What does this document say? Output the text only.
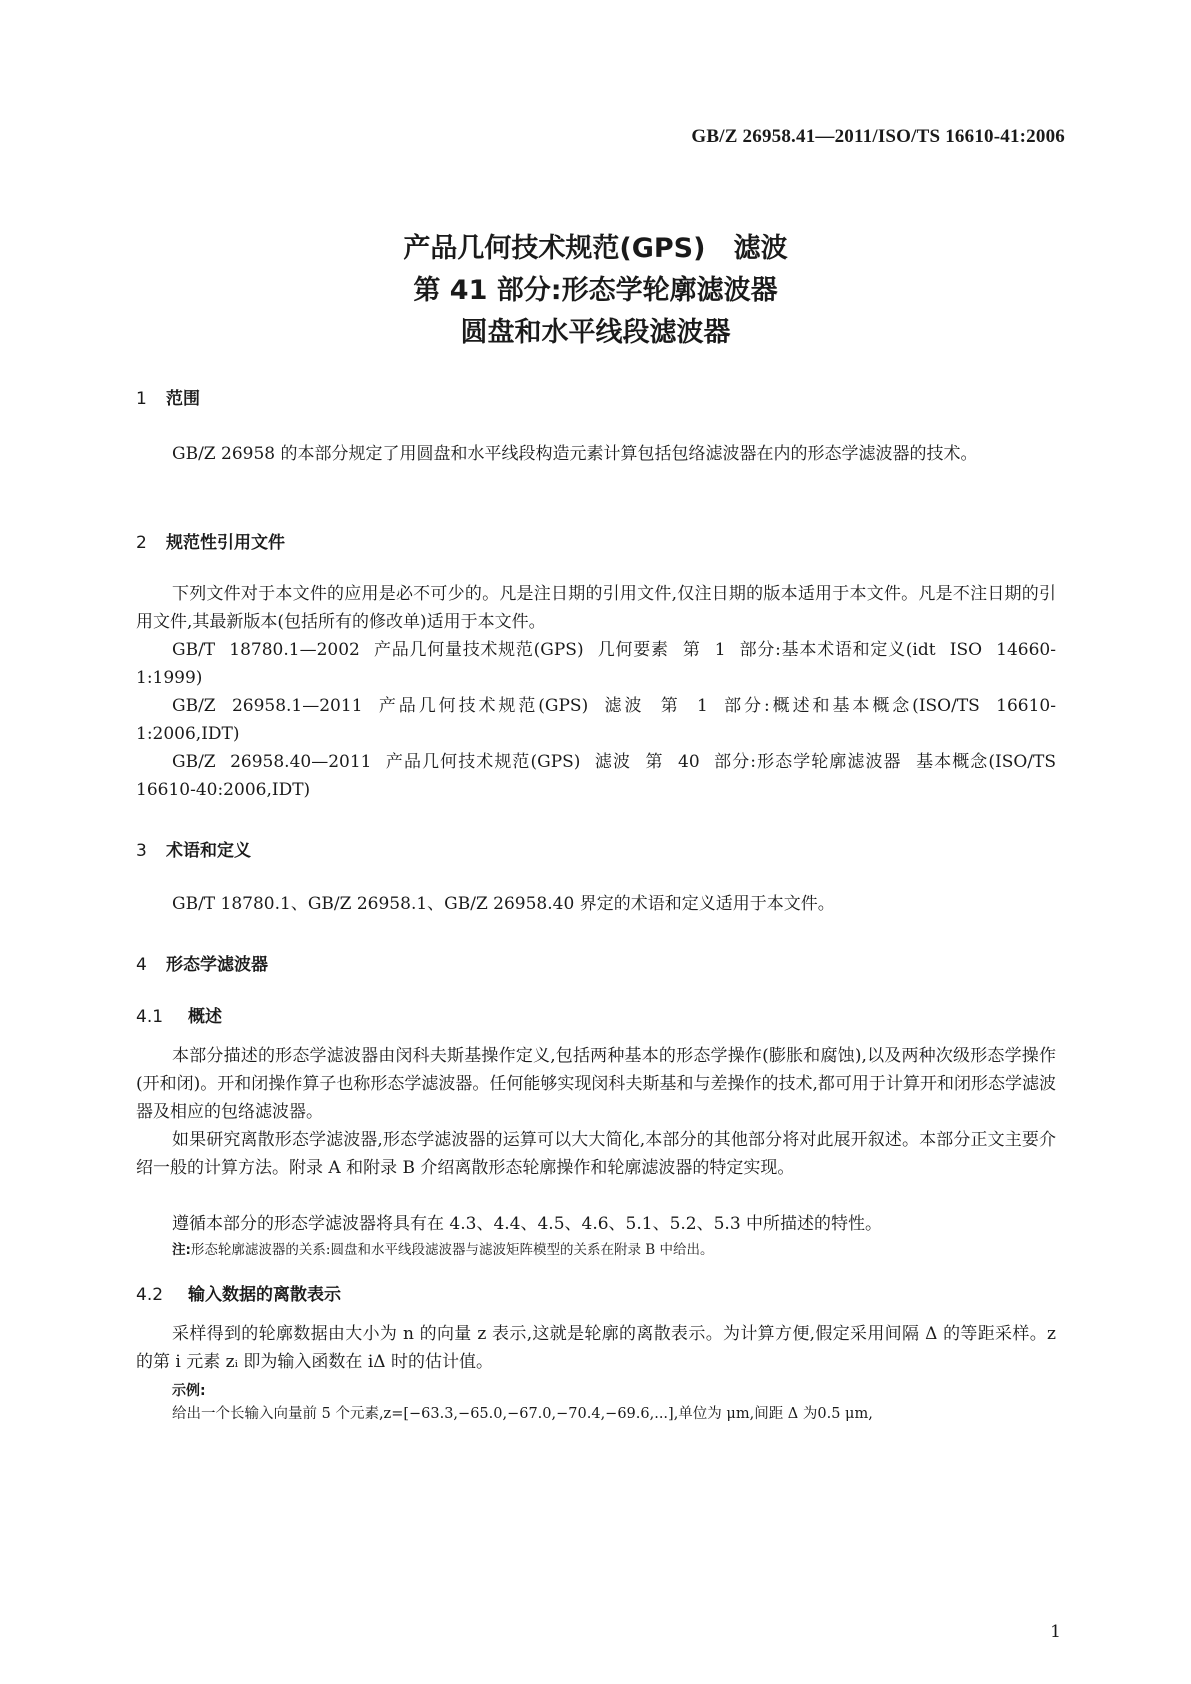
GB/Z 26958.41—2011/ISO/TS 16610-41:2006
产品几何技术规范(GPS)   滤波
第 41 部分:形态学轮廓滤波器
圆盘和水平线段滤波器
1 范围
GB/Z 26958 的本部分规定了用圆盘和水平线段构造元素计算包括包络滤波器在内的形态学滤波器的技术。
2 规范性引用文件
下列文件对于本文件的应用是必不可少的。凡是注日期的引用文件,仅注日期的版本适用于本文件。凡是不注日期的引用文件,其最新版本(包括所有的修改单)适用于本文件。
GB/T 18780.1—2002 产品几何量技术规范(GPS) 几何要素 第 1 部分:基本术语和定义(idt ISO 14660-1:1999)
GB/Z 26958.1—2011 产品几何技术规范(GPS) 滤波 第 1 部分:概述和基本概念(ISO/TS 16610-1:2006,IDT)
GB/Z 26958.40—2011 产品几何技术规范(GPS) 滤波 第 40 部分:形态学轮廓滤波器 基本概念(ISO/TS 16610-40:2006,IDT)
3 术语和定义
GB/T 18780.1、GB/Z 26958.1、GB/Z 26958.40 界定的术语和定义适用于本文件。
4 形态学滤波器
4.1 概述
本部分描述的形态学滤波器由闵科夫斯基操作定义,包括两种基本的形态学操作(膨胀和腐蚀),以及两种次级形态学操作(开和闭)。开和闭操作算子也称形态学滤波器。任何能够实现闵科夫斯基和与差操作的技术,都可用于计算开和闭形态学滤波器及相应的包络滤波器。
如果研究离散形态学滤波器,形态学滤波器的运算可以大大简化,本部分的其他部分将对此展开叙述。本部分正文主要介绍一般的计算方法。附录 A 和附录 B 介绍离散形态轮廓操作和轮廓滤波器的特定实现。
遵循本部分的形态学滤波器将具有在 4.3、4.4、4.5、4.6、5.1、5.2、5.3 中所描述的特性。
注:形态轮廓滤波器的关系:圆盘和水平线段滤波器与滤波矩阵模型的关系在附录 B 中给出。
4.2 输入数据的离散表示
采样得到的轮廓数据由大小为 n 的向量 z 表示,这就是轮廓的离散表示。为计算方便,假定采用间隔 Δ 的等距采样。z 的第 i 元素 zᵢ 即为输入函数在 iΔ 时的估计值。
示例:
给出一个长输入向量前 5 个元素,z=[−63.3,−65.0,−67.0,−70.4,−69.6,...],单位为 μm,间距 Δ 为0.5 μm,
1
